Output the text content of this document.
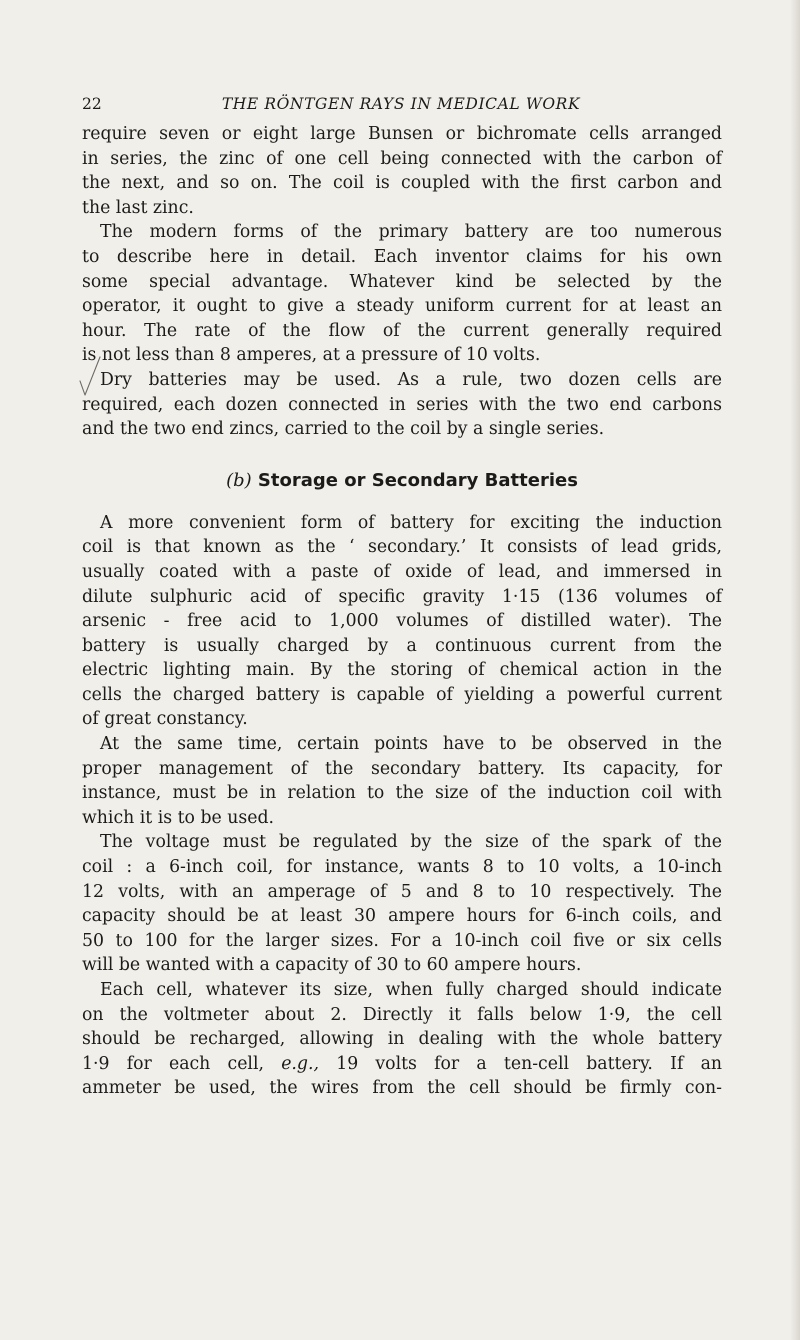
22	THE RÖNTGEN RAYS IN MEDICAL WORK
require seven or eight large Bunsen or bichromate cells arranged
in series, the zinc of one cell being connected with the carbon of
the next, and so on. The coil is coupled with the first carbon and
the last zinc.
The modern forms of the primary battery are too numerous
to describe here in detail. Each inventor claims for his own
some special advantage. Whatever kind be selected by the
operator, it ought to give a steady uniform current for at least an
hour. The rate of the flow of the current generally required
is not less than 8 amperes, at a pressure of 10 volts.
Dry batteries may be used. As a rule, two dozen cells are
required, each dozen connected in series with the two end carbons
and the two end zincs, carried to the coil by a single series.
(b) Storage or Secondary Batteries
A more convenient form of battery for exciting the induction
coil is that known as the ‘ secondary.’ It consists of lead grids,
usually coated with a paste of oxide of lead, and immersed in
dilute sulphuric acid of specific gravity 1·15 (136 volumes of
arsenic - free acid to 1,000 volumes of distilled water). The
battery is usually charged by a continuous current from the
electric lighting main. By the storing of chemical action in the
cells the charged battery is capable of yielding a powerful current
of great constancy.
At the same time, certain points have to be observed in the
proper management of the secondary battery. Its capacity, for
instance, must be in relation to the size of the induction coil with
which it is to be used.
The voltage must be regulated by the size of the spark of the
coil : a 6-inch coil, for instance, wants 8 to 10 volts, a 10-inch
12 volts, with an amperage of 5 and 8 to 10 respectively. The
capacity should be at least 30 ampere hours for 6-inch coils, and
50 to 100 for the larger sizes. For a 10-inch coil five or six cells
will be wanted with a capacity of 30 to 60 ampere hours.
Each cell, whatever its size, when fully charged should indicate
on the voltmeter about 2. Directly it falls below 1·9, the cell
should be recharged, allowing in dealing with the whole battery
1·9 for each cell, e.g., 19 volts for a ten-cell battery. If an
ammeter be used, the wires from the cell should be firmly con-
